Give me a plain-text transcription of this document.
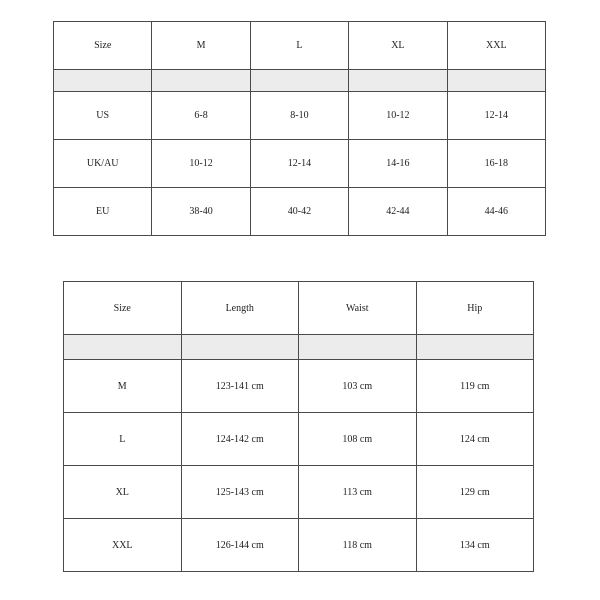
Size	M	L	XL	XXL

US	6-8	8-10	10-12	12-14
UK/AU	10-12	12-14	14-16	16-18
EU	38-40	40-42	42-44	44-46
Size	Length	Waist	Hip

M	123-141 cm	103 cm	119 cm
L	124-142 cm	108 cm	124 cm
XL	125-143 cm	113 cm	129 cm
XXL	126-144 cm	118 cm	134 cm
